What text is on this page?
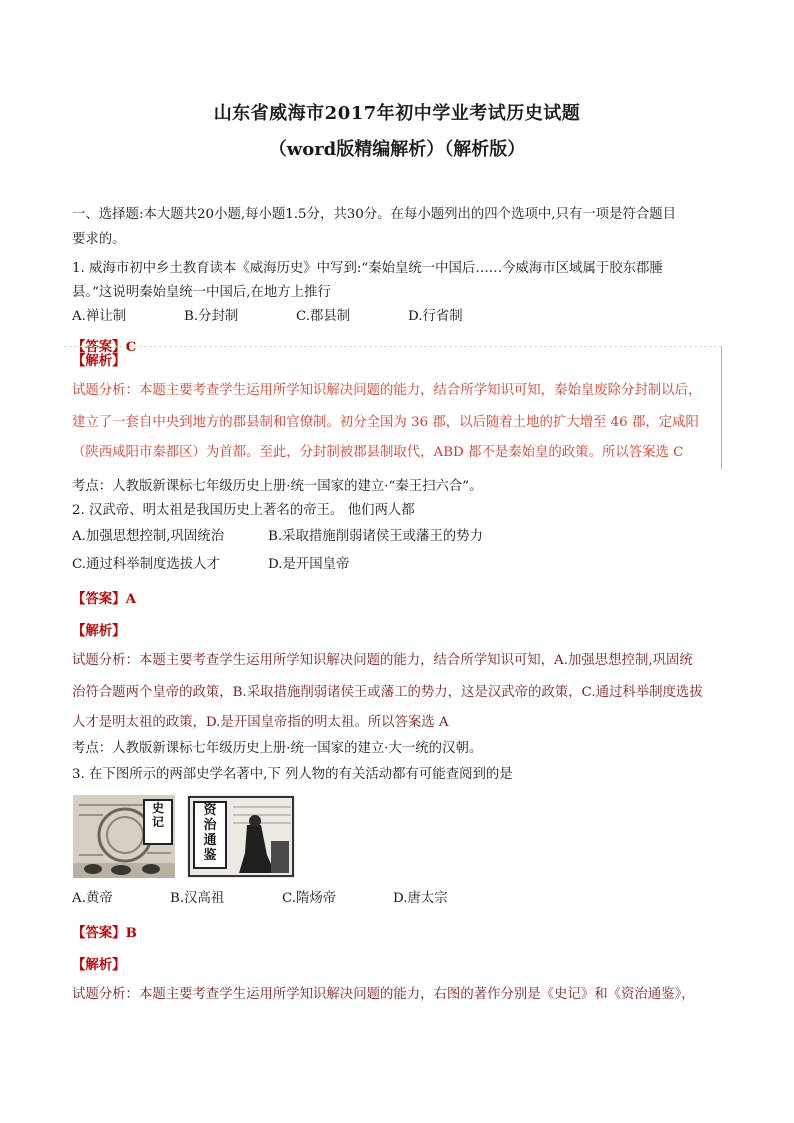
山东省威海市2017年初中学业考试历史试题
（word版精编解析）（解析版）
一、选择题:本大题共20小题,每小题1.5分，共30分。在每小题列出的四个选项中,只有一项是符合题目
要求的。
1. 威海市初中乡土教育读本《威海历史》中写到:“秦始皇统一中国后……今威海市区域属于胶东郡腄
县。”这说明秦始皇统一中国后,在地方上推行
A.禅让制	B.分封制	C.郡县制	D.行省制
【答案】C
【解析】
试题分析：本题主要考查学生运用所学知识解决问题的能力，结合所学知识可知，秦始皇废除分封制以后，
建立了一套自中央到地方的郡县制和官僚制。初分全国为 36 郡，以后随着土地的扩大增至 46 郡，定咸阳
（陕西咸阳市秦都区）为首都。至此，分封制被郡县制取代，ABD 都不是秦始皇的政策。所以答案选 C
考点：人教版新课标七年级历史上册·统一国家的建立·“秦王扫六合”。
2. 汉武帝、明太祖是我国历史上著名的帝王。 他们两人都
A.加强思想控制,巩固统治	B.采取措施削弱诸侯王或藩王的势力
C.通过科举制度选拔人才	D.是开国皇帝
【答案】A
【解析】
试题分析：本题主要考查学生运用所学知识解决问题的能力，结合所学知识可知，A.加强思想控制,巩固统
治符合题两个皇帝的政策，B.采取措施削弱诸侯王或藩工的势力，这是汉武帝的政策，C.通过科举制度选拔
人才是明太祖的政策，D.是开国皇帝指的明太祖。所以答案选 A
考点：人教版新课标七年级历史上册·统一国家的建立·大一统的汉朝。
3. 在下图所示的两部史学名著中,下 列人物的有关活动都有可能查阅到的是
史
记
资
治
通
鉴
A.黄帝	B.汉高祖	C.隋炀帝	D.唐太宗
【答案】B
【解析】
试题分析：本题主要考查学生运用所学知识解决问题的能力，右图的著作分别是《史记》和《资治通鉴》，
